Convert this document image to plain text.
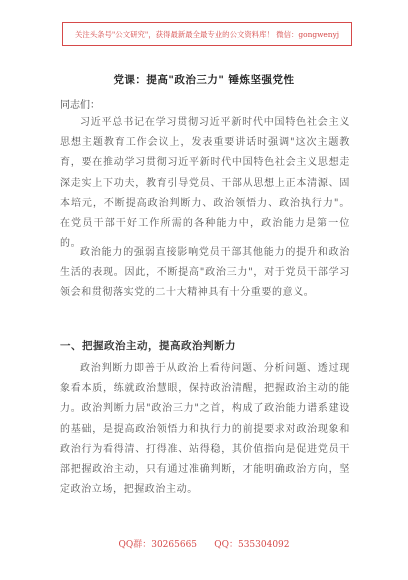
关注头条号"公文研究"，获得最新最全最专业的公文资料库！ 微信：gongwenyj
党课：提高"政治三力" 锤炼坚强党性
同志们：

习近平总书记在学习贯彻习近平新时代中国特色社会主义思想主题教育工作会议上，发表重要讲话时强调"这次主题教育，要在推动学习贯彻习近平新时代中国特色社会主义思想走深走实上下功夫，教育引导党员、干部从思想上正本清源、固本培元，不断提高政治判断力、政治领悟力、政治执行力"。在党员干部干好工作所需的各种能力中，政治能力是第一位的。

政治能力的强弱直接影响党员干部其他能力的提升和政治生活的表现。因此，不断提高"政治三力"，对于党员干部学习领会和贯彻落实党的二十大精神具有十分重要的意义。

一、把握政治主动，提高政治判断力

政治判断力即善于从政治上看待问题、分析问题、透过现象看本质，练就政治慧眼，保持政治清醒，把握政治主动的能力。政治判断力居"政治三力"之首，构成了政治能力谱系建设的基础，是提高政治领悟力和执行力的前提要求对政治现象和政治行为看得清、打得准、站得稳，其价值指向是促进党员干部把握政治主动，只有通过准确判断，才能明确政治方向，坚定政治立场，把握政治主动。

QQ群：30265665 QQ：535304092
